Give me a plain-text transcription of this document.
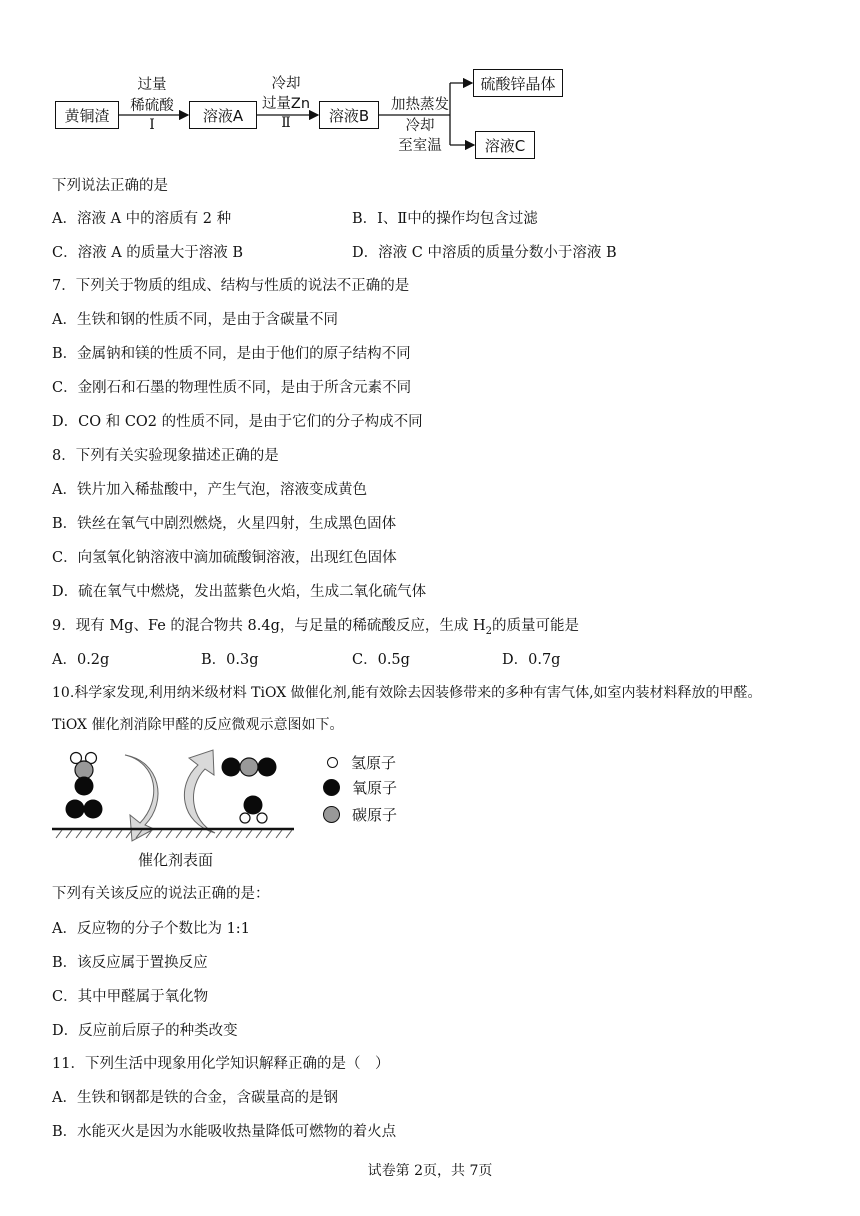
黄铜渣	溶液A	溶液B
硫酸锌晶体
溶液C
过量
稀硫酸
Ⅰ
冷却
过量Zn
Ⅱ
加热蒸发
冷却
至室温
下列说法正确的是
A．溶液 A 中的溶质有 2 种	B．Ⅰ、Ⅱ中的操作均包含过滤
C．溶液 A 的质量大于溶液 B	D．溶液 C 中溶质的质量分数小于溶液 B
7．下列关于物质的组成、结构与性质的说法不正确的是
A．生铁和钢的性质不同，是由于含碳量不同
B．金属钠和镁的性质不同，是由于他们的原子结构不同
C．金刚石和石墨的物理性质不同，是由于所含元素不同
D．CO 和 CO2 的性质不同，是由于它们的分子构成不同
8．下列有关实验现象描述正确的是
A．铁片加入稀盐酸中，产生气泡，溶液变成黄色
B．铁丝在氧气中剧烈燃烧，火星四射，生成黑色固体
C．向氢氧化钠溶液中滴加硫酸铜溶液，出现红色固体
D．硫在氧气中燃烧，发出蓝紫色火焰，生成二氧化硫气体
9．现有 Mg、Fe 的混合物共 8.4g，与足量的稀硫酸反应，生成 $H_2$的质量可能是
A．0.2g	B．0.3g	C．0.5g	D．0.7g
10.科学家发现,利用纳米级材料 TiOX 做催化剂,能有效除去因装修带来的多种有害气体,如室内装材料释放的甲醛。
TiOX 催化剂消除甲醛的反应微观示意图如下。
催化剂表面
氢原子
氧原子
碳原子
下列有关该反应的说法正确的是：
A．反应物的分子个数比为 1:1
B．该反应属于置换反应
C．其中甲醛属于氧化物
D．反应前后原子的种类改变
11．下列生活中现象用化学知识解释正确的是（　）
A．生铁和钢都是铁的合金，含碳量高的是钢
B．水能灭火是因为水能吸收热量降低可燃物的着火点
试卷第 2页，共 7页
